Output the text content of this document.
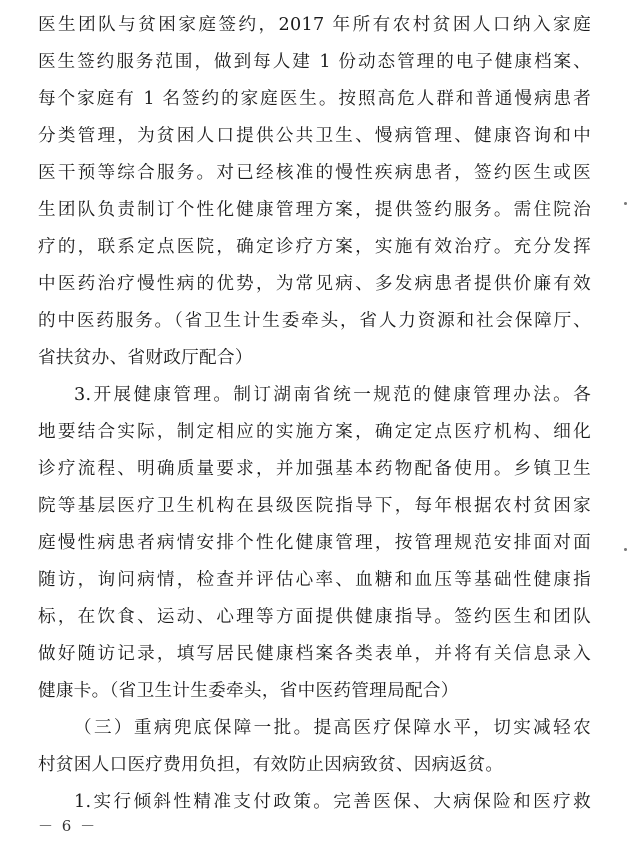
医生团队与贫困家庭签约，2017 年所有农村贫困人口纳入家庭
医生签约服务范围，做到每人建 1 份动态管理的电子健康档案、
每个家庭有 1 名签约的家庭医生。按照高危人群和普通慢病患者
分类管理，为贫困人口提供公共卫生、慢病管理、健康咨询和中
医干预等综合服务。对已经核准的慢性疾病患者，签约医生或医
生团队负责制订个性化健康管理方案，提供签约服务。需住院治
疗的，联系定点医院，确定诊疗方案，实施有效治疗。充分发挥
中医药治疗慢性病的优势，为常见病、多发病患者提供价廉有效
的中医药服务。（省卫生计生委牵头，省人力资源和社会保障厅、
省扶贫办、省财政厅配合）
3.开展健康管理。制订湖南省统一规范的健康管理办法。各
地要结合实际，制定相应的实施方案，确定定点医疗机构、细化
诊疗流程、明确质量要求，并加强基本药物配备使用。乡镇卫生
院等基层医疗卫生机构在县级医院指导下，每年根据农村贫困家
庭慢性病患者病情安排个性化健康管理，按管理规范安排面对面
随访，询问病情，检查并评估心率、血糖和血压等基础性健康指
标，在饮食、运动、心理等方面提供健康指导。签约医生和团队
做好随访记录，填写居民健康档案各类表单，并将有关信息录入
健康卡。（省卫生计生委牵头，省中医药管理局配合）
（三）重病兜底保障一批。提高医疗保障水平，切实减轻农
村贫困人口医疗费用负担，有效防止因病致贫、因病返贫。
－ 6 －
1.实行倾斜性精准支付政策。完善医保、大病保险和医疗救
